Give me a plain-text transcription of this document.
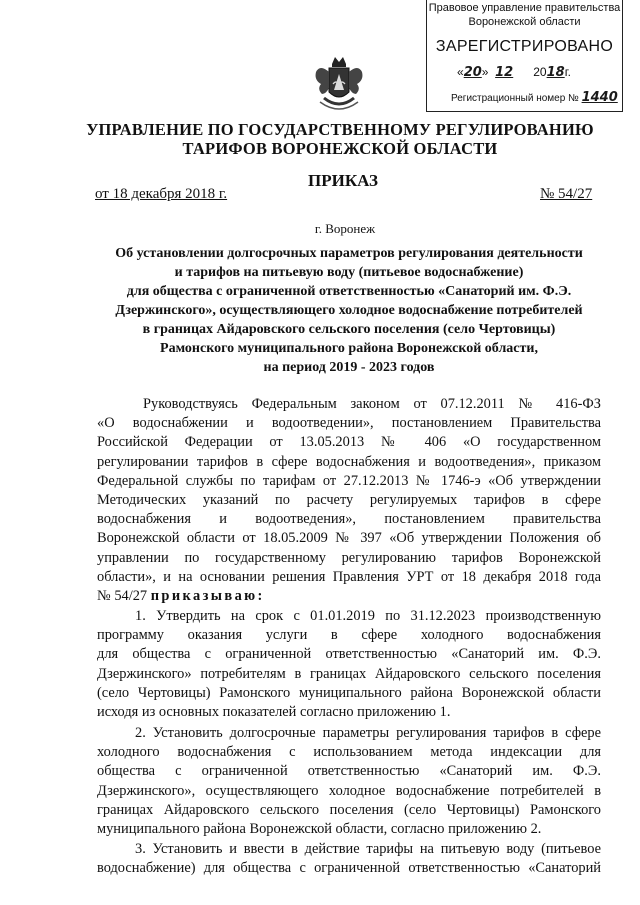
Правовое управление правительства
Воронежской области
ЗАРЕГИСТРИРОВАНО
«20»  12 2018г.
Регистрационный номер № 1440
УПРАВЛЕНИЕ ПО ГОСУДАРСТВЕННОМУ РЕГУЛИРОВАНИЮ
ТАРИФОВ ВОРОНЕЖСКОЙ ОБЛАСТИ
ПРИКАЗ
от 18 декабря 2018 г.	№ 54/27
г. Воронеж
Об установлении долгосрочных параметров регулирования деятельности
и тарифов на питьевую воду (питьевое водоснабжение)
для общества с ограниченной ответственностью «Санаторий им. Ф.Э.
Дзержинского», осуществляющего холодное водоснабжение потребителей
в границах Айдаровского сельского поселения (село Чертовицы)
Рамонского муниципального района Воронежской области,
на период 2019 - 2023 годов
Руководствуясь Федеральным законом от 07.12.2011 № 416-ФЗ
«О водоснабжении и водоотведении», постановлением Правительства
Российской Федерации от 13.05.2013 № 406 «О государственном
регулировании тарифов в сфере водоснабжения и водоотведения», приказом
Федеральной службы по тарифам от 27.12.2013 № 1746-э «Об утверждении
Методических указаний по расчету регулируемых тарифов в сфере
водоснабжения и водоотведения», постановлением правительства
Воронежской области от 18.05.2009 № 397 «Об утверждении Положения об
управлении по государственному регулированию тарифов Воронежской
области», и на основании решения Правления УРТ от 18 декабря 2018 года
№ 54/27 приказываю:
1. Утвердить на срок с 01.01.2019 по 31.12.2023 производственную
программу оказания услуги в сфере холодного водоснабжения
для общества с ограниченной ответственностью «Санаторий им. Ф.Э.
Дзержинского» потребителям в границах Айдаровского сельского поселения
(село Чертовицы) Рамонского муниципального района Воронежской области
исходя из основных показателей согласно приложению 1.
2. Установить долгосрочные параметры регулирования тарифов в сфере
холодного водоснабжения с использованием метода индексации для
общества с ограниченной ответственностью «Санаторий им. Ф.Э.
Дзержинского», осуществляющего холодное водоснабжение потребителей в
границах Айдаровского сельского поселения (село Чертовицы) Рамонского
муниципального района Воронежской области, согласно приложению 2.
3. Установить и ввести в действие тарифы на питьевую воду (питьевое
водоснабжение) для общества с ограниченной ответственностью «Санаторий
